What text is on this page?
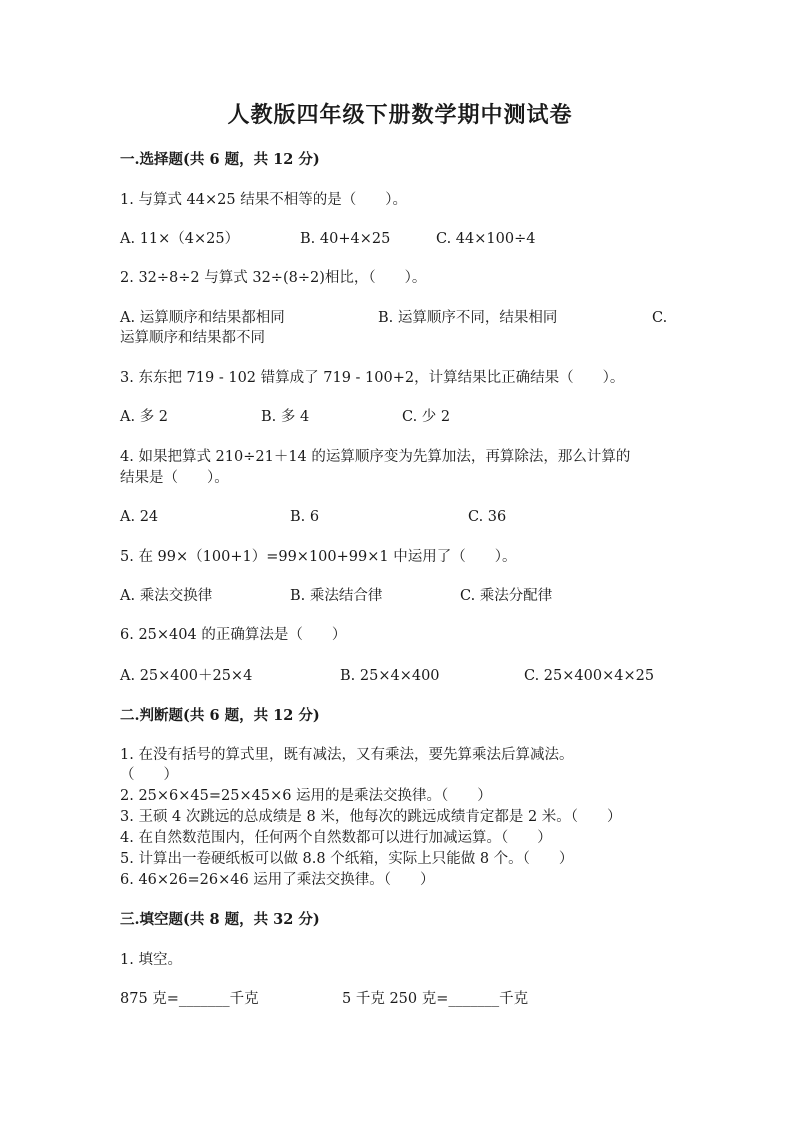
人教版四年级下册数学期中测试卷
一.选择题(共 6 题，共 12 分)
1. 与算式 44×25 结果不相等的是（　　）。
A. 11×（4×25）	B. 40+4×25	C. 44×100÷4
2. 32÷8÷2 与算式 32÷(8÷2)相比，（　　）。
A. 运算顺序和结果都相同	B. 运算顺序不同，结果相同	C.
运算顺序和结果都不同
3. 东东把 719 - 102 错算成了 719 - 100+2，计算结果比正确结果（　　）。
A. 多 2	B. 多 4	C. 少 2
4. 如果把算式 210÷21＋14 的运算顺序变为先算加法，再算除法，那么计算的
结果是（　　）。
A. 24	B. 6	C. 36
5. 在 99×（100+1）=99×100+99×1 中运用了（　　）。
A. 乘法交换律	B. 乘法结合律	C. 乘法分配律
6. 25×404 的正确算法是（　　）
A. 25×400＋25×4	B. 25×4×400	C. 25×400×4×25
二.判断题(共 6 题，共 12 分)
1. 在没有括号的算式里，既有减法，又有乘法，要先算乘法后算减法。
（　　）
2. 25×6×45=25×45×6 运用的是乘法交换律。（　　）
3. 王硕 4 次跳远的总成绩是 8 米，他每次的跳远成绩肯定都是 2 米。（　　）
4. 在自然数范围内，任何两个自然数都可以进行加减运算。（　　）
5. 计算出一卷硬纸板可以做 8.8 个纸箱，实际上只能做 8 个。（　　）
6. 46×26=26×46 运用了乘法交换律。（　　）
三.填空题(共 8 题，共 32 分)
1. 填空。
875 克=_______千克	5 千克 250 克=_______千克
